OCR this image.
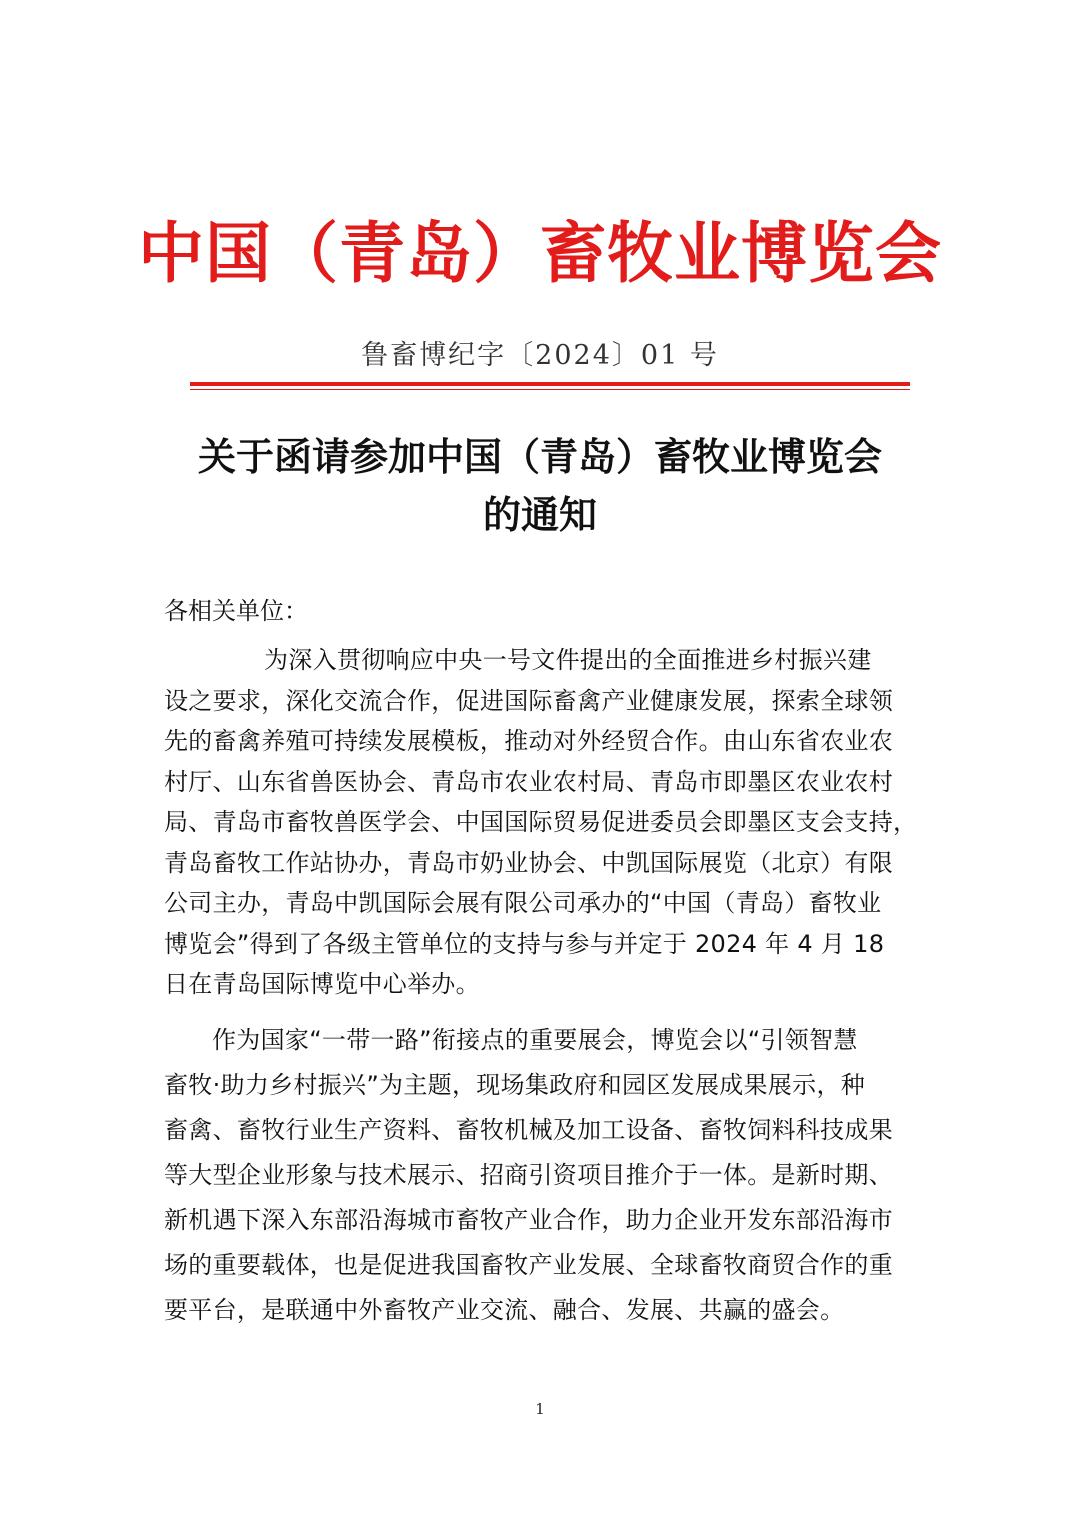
中国（青岛）畜牧业博览会
鲁畜博纪字〔2024〕01 号
关于函请参加中国（青岛）畜牧业博览会
的通知
各相关单位：
为深入贯彻响应中央一号文件提出的全面推进乡村振兴建
设之要求，深化交流合作，促进国际畜禽产业健康发展，探索全球领
先的畜禽养殖可持续发展模板，推动对外经贸合作。由山东省农业农
村厅、山东省兽医协会、青岛市农业农村局、青岛市即墨区农业农村
局、青岛市畜牧兽医学会、中国国际贸易促进委员会即墨区支会支持，
青岛畜牧工作站协办，青岛市奶业协会、中凯国际展览（北京）有限
公司主办，青岛中凯国际会展有限公司承办的“中国（青岛）畜牧业
博览会”得到了各级主管单位的支持与参与并定于 2024 年 4 月 18
日在青岛国际博览中心举办。
作为国家“一带一路”衔接点的重要展会，博览会以“引领智慧
畜牧·助力乡村振兴”为主题，现场集政府和园区发展成果展示，种
畜禽、畜牧行业生产资料、畜牧机械及加工设备、畜牧饲料科技成果
等大型企业形象与技术展示、招商引资项目推介于一体。是新时期、
新机遇下深入东部沿海城市畜牧产业合作，助力企业开发东部沿海市
场的重要载体，也是促进我国畜牧产业发展、全球畜牧商贸合作的重
要平台，是联通中外畜牧产业交流、融合、发展、共赢的盛会。
1
